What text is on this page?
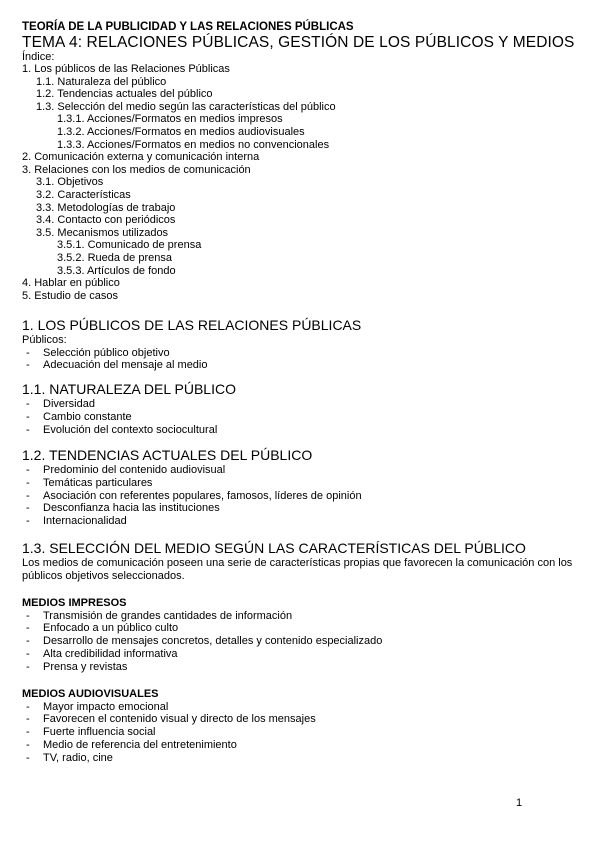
TEORÍA DE LA PUBLICIDAD Y LAS RELACIONES PÚBLICAS
TEMA 4: RELACIONES PÚBLICAS, GESTIÓN DE LOS PÚBLICOS Y MEDIOS
Índice:
1. Los públicos de las Relaciones Públicas
1.1. Naturaleza del público
1.2. Tendencias actuales del público
1.3. Selección del medio según las características del público
1.3.1. Acciones/Formatos en medios impresos
1.3.2. Acciones/Formatos en medios audiovisuales
1.3.3. Acciones/Formatos en medios no convencionales
2. Comunicación externa y comunicación interna
3. Relaciones con los medios de comunicación
3.1. Objetivos
3.2. Características
3.3. Metodologías de trabajo
3.4. Contacto con periódicos
3.5. Mecanismos utilizados
3.5.1. Comunicado de prensa
3.5.2. Rueda de prensa
3.5.3. Artículos de fondo
4. Hablar en público
5. Estudio de casos
1. LOS PÚBLICOS DE LAS RELACIONES PÚBLICAS
Públicos:
- Selección público objetivo
- Adecuación del mensaje al medio
1.1. NATURALEZA DEL PÚBLICO
- Diversidad
- Cambio constante
- Evolución del contexto sociocultural
1.2. TENDENCIAS ACTUALES DEL PÚBLICO
- Predominio del contenido audiovisual
- Temáticas particulares
- Asociación con referentes populares, famosos, líderes de opinión
- Desconfianza hacia las instituciones
- Internacionalidad
1.3. SELECCIÓN DEL MEDIO SEGÚN LAS CARACTERÍSTICAS DEL PÚBLICO

Los medios de comunicación poseen una serie de características propias que favorecen la comunicación con los públicos objetivos seleccionados.

MEDIOS IMPRESOS
- Transmisión de grandes cantidades de información
- Enfocado a un público culto
- Desarrollo de mensajes concretos, detalles y contenido especializado
- Alta credibilidad informativa
- Prensa y revistas
MEDIOS AUDIOVISUALES
- Mayor impacto emocional
- Favorecen el contenido visual y directo de los mensajes
- Fuerte influencia social
- Medio de referencia del entretenimiento
- TV, radio, cine
1
